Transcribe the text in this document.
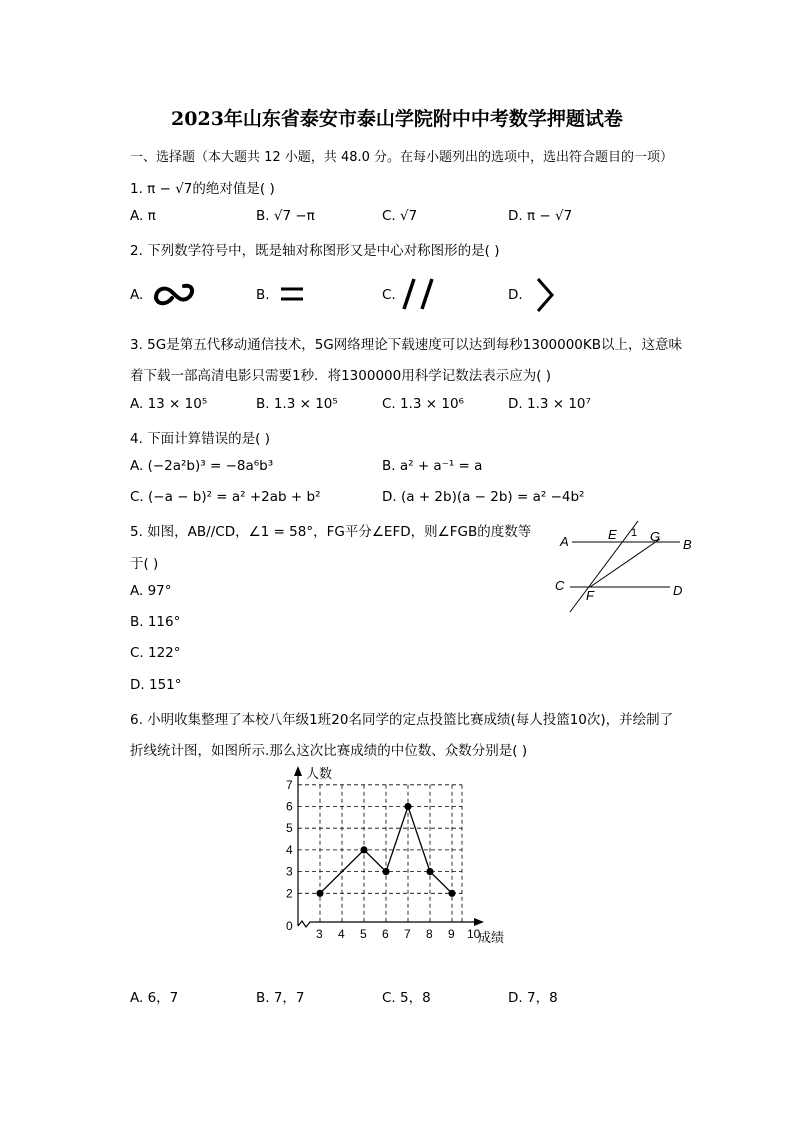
2023年山东省泰安市泰山学院附中中考数学押题试卷
一、选择题（本大题共 12 小题，共 48.0 分。在每小题列出的选项中，选出符合题目的一项）
1. π − √7的绝对值是( )
A. π	B. √7 −π	C. √7	D. π − √7
2. 下列数学符号中，既是轴对称图形又是中心对称图形的是( )
A.	B.	C.	D.
3. 5G是第五代移动通信技术，5G网络理论下载速度可以达到每秒1300000KB以上，这意味
着下载一部高清电影只需要1秒．将1300000用科学记数法表示应为( )
A. 13 × 10⁵	B. 1.3 × 10⁵	C. 1.3 × 10⁶	D. 1.3 × 10⁷
4. 下面计算错误的是( )
A. (−2a²b)³ = −8a⁶b³	B. a² + a⁻¹ = a
C. (−a − b)² = a² +2ab + b²	D. (a + 2b)(a − 2b) = a² −4b²
5. 如图，AB//CD，∠1 = 58°，FG平分∠EFD，则∠FGB的度数等
于( )
A. 97°
B. 116°
C. 122°
D. 151°
A	B
C	D
E
F
G
1
6. 小明收集整理了本校八年级1班20名同学的定点投篮比赛成绩(每人投篮10次)，并绘制了
折线统计图，如图所示.那么这次比赛成绩的中位数、众数分别是( )
0
2
3
4
5
6
7
3 4 5 6 7 8 9 10
人数
成绩
A. 6，7	B. 7，7	C. 5，8	D. 7，8
